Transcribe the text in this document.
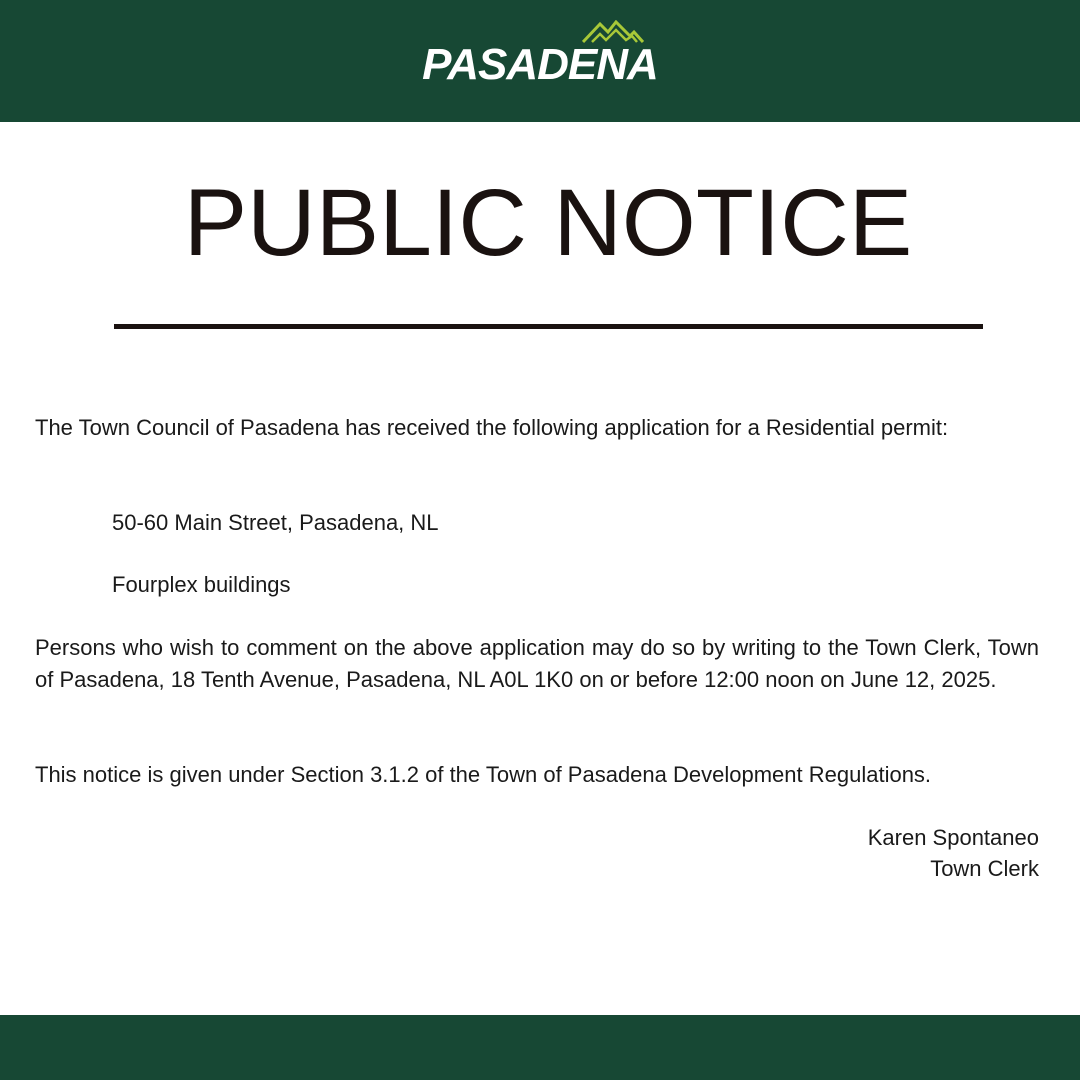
PASADENA
PUBLIC NOTICE

The Town Council of Pasadena has received the following application for a Residential permit:

50-60 Main Street, Pasadena, NL
Fourplex buildings

Persons who wish to comment on the above application may do so by writing to the Town Clerk, Town of Pasadena, 18 Tenth Avenue, Pasadena, NL A0L 1K0 on or before 12:00 noon on June 12, 2025.

This notice is given under Section 3.1.2 of the Town of Pasadena Development Regulations.

Karen Spontaneo
Town Clerk
